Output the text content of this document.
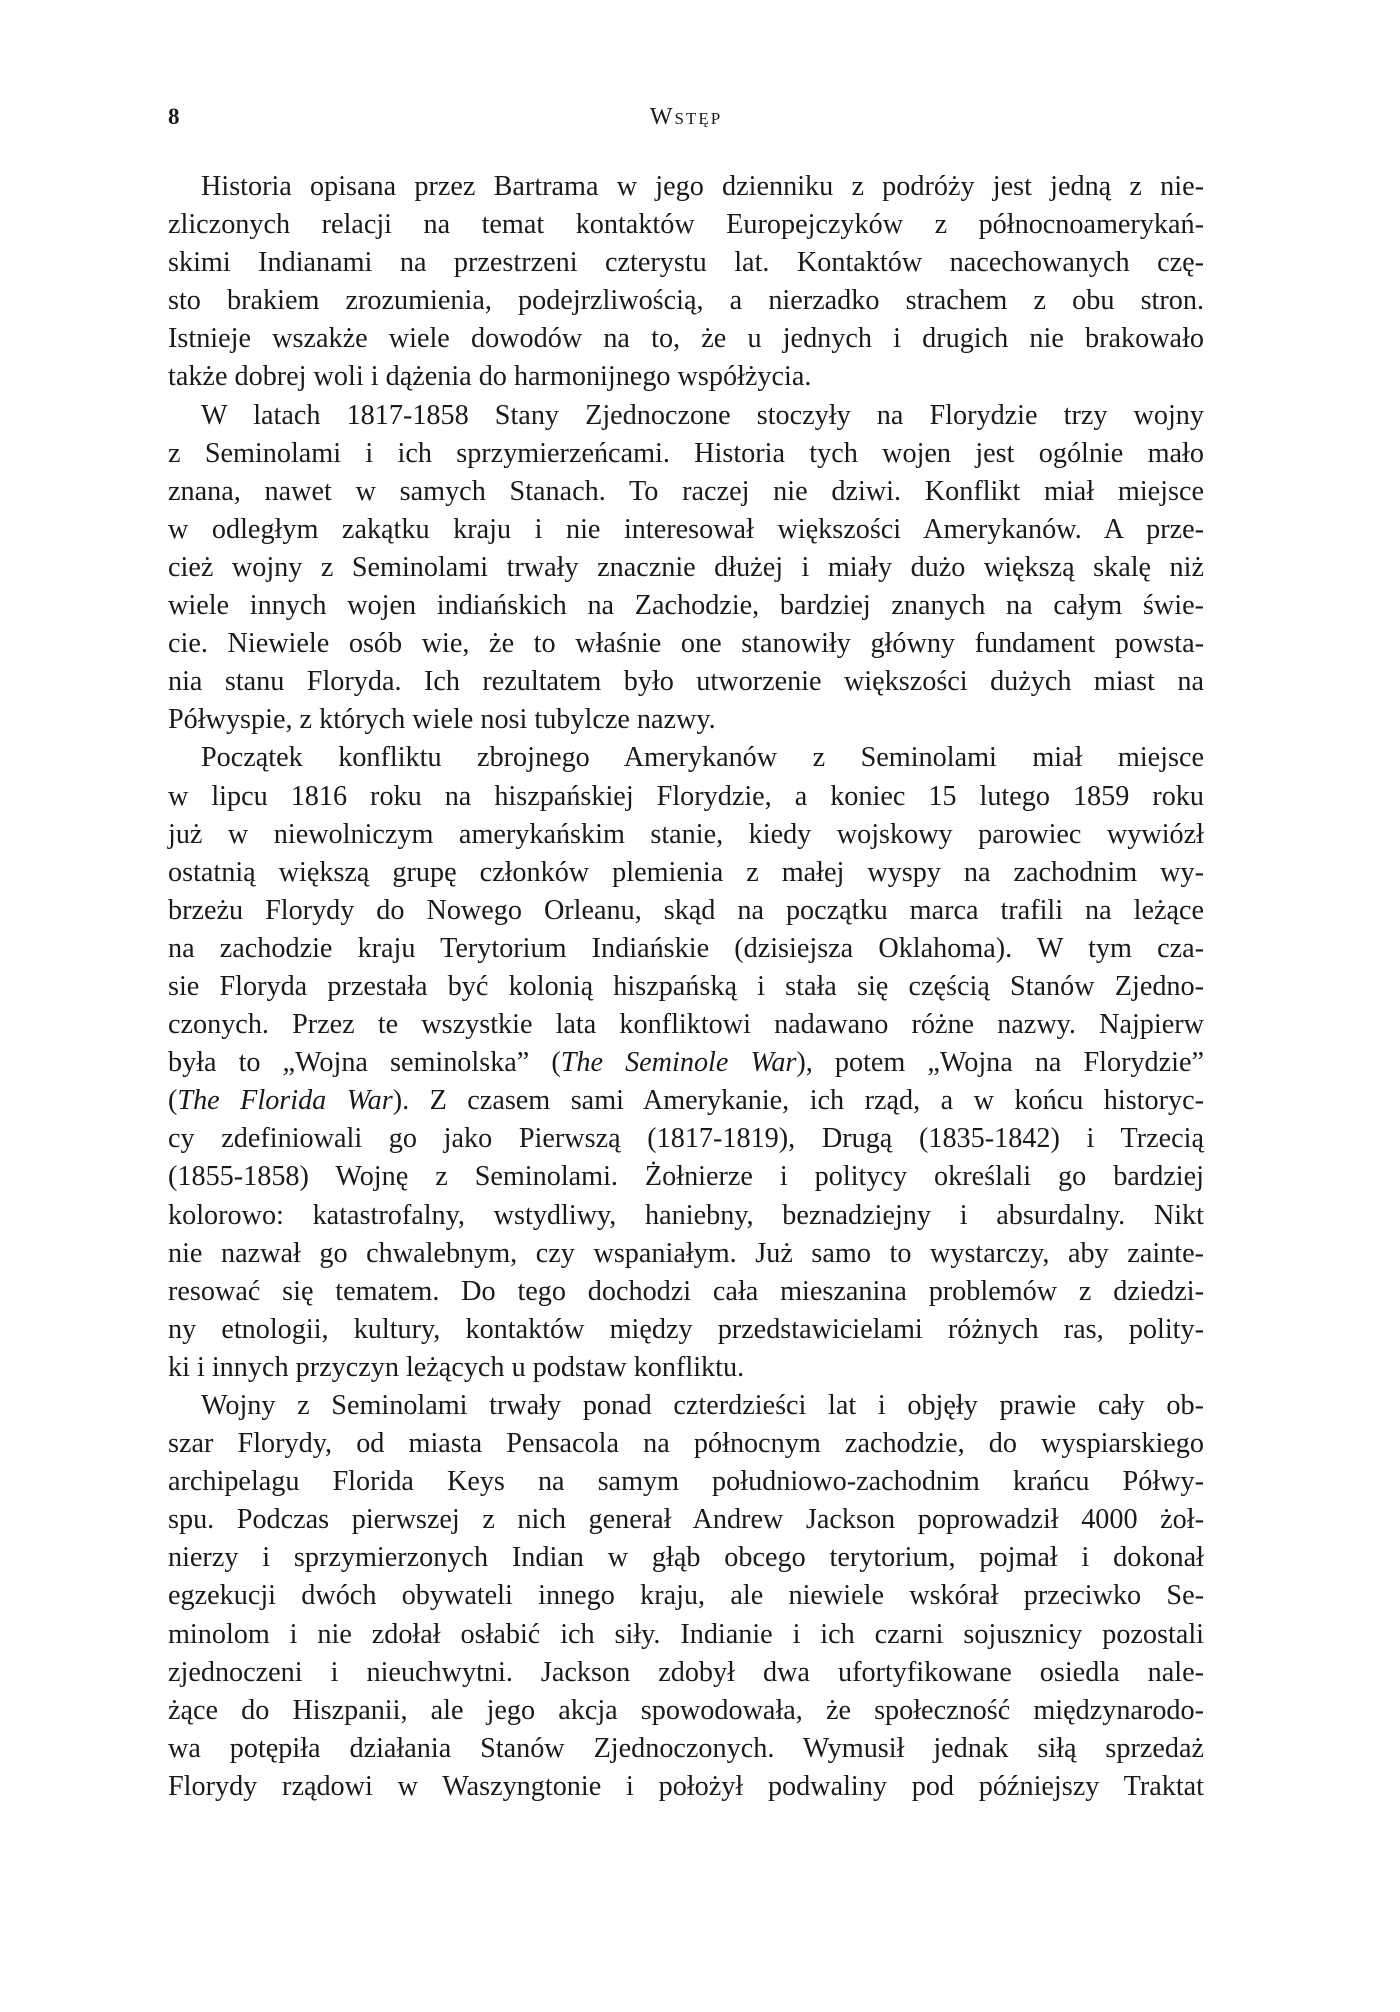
8	Wstęp
Historia opisana przez Bartrama w jego dzienniku z podróży jest jedną z nie-
zliczonych relacji na temat kontaktów Europejczyków z północnoamerykań-
skimi Indianami na przestrzeni czterystu lat. Kontaktów nacechowanych czę-
sto brakiem zrozumienia, podejrzliwością, a nierzadko strachem z obu stron.
Istnieje wszakże wiele dowodów na to, że u jednych i drugich nie brakowało
także dobrej woli i dążenia do harmonijnego współżycia.
W latach 1817-1858 Stany Zjednoczone stoczyły na Florydzie trzy wojny
z Seminolami i ich sprzymierzeńcami. Historia tych wojen jest ogólnie mało
znana, nawet w samych Stanach. To raczej nie dziwi. Konflikt miał miejsce
w odległym zakątku kraju i nie interesował większości Amerykanów. A prze-
cież wojny z Seminolami trwały znacznie dłużej i miały dużo większą skalę niż
wiele innych wojen indiańskich na Zachodzie, bardziej znanych na całym świe-
cie. Niewiele osób wie, że to właśnie one stanowiły główny fundament powsta-
nia stanu Floryda. Ich rezultatem było utworzenie większości dużych miast na
Półwyspie, z których wiele nosi tubylcze nazwy.
Początek konfliktu zbrojnego Amerykanów z Seminolami miał miejsce
w lipcu 1816 roku na hiszpańskiej Florydzie, a koniec 15 lutego 1859 roku
już w niewolniczym amerykańskim stanie, kiedy wojskowy parowiec wywiózł
ostatnią większą grupę członków plemienia z małej wyspy na zachodnim wy-
brzeżu Florydy do Nowego Orleanu, skąd na początku marca trafili na leżące
na zachodzie kraju Terytorium Indiańskie (dzisiejsza Oklahoma). W tym cza-
sie Floryda przestała być kolonią hiszpańską i stała się częścią Stanów Zjedno-
czonych. Przez te wszystkie lata konfliktowi nadawano różne nazwy. Najpierw
była to „Wojna seminolska” (The Seminole War), potem „Wojna na Florydzie”
(The Florida War). Z czasem sami Amerykanie, ich rząd, a w końcu historyc-
cy zdefiniowali go jako Pierwszą (1817-1819), Drugą (1835-1842) i Trzecią
(1855-1858) Wojnę z Seminolami. Żołnierze i politycy określali go bardziej
kolorowo: katastrofalny, wstydliwy, haniebny, beznadziejny i absurdalny. Nikt
nie nazwał go chwalebnym, czy wspaniałym. Już samo to wystarczy, aby zainte-
resować się tematem. Do tego dochodzi cała mieszanina problemów z dziedzi-
ny etnologii, kultury, kontaktów między przedstawicielami różnych ras, polity-
ki i innych przyczyn leżących u podstaw konfliktu.
Wojny z Seminolami trwały ponad czterdzieści lat i objęły prawie cały ob-
szar Florydy, od miasta Pensacola na północnym zachodzie, do wyspiarskiego
archipelagu Florida Keys na samym południowo-zachodnim krańcu Półwy-
spu. Podczas pierwszej z nich generał Andrew Jackson poprowadził 4000 żoł-
nierzy i sprzymierzonych Indian w głąb obcego terytorium, pojmał i dokonał
egzekucji dwóch obywateli innego kraju, ale niewiele wskórał przeciwko Se-
minolom i nie zdołał osłabić ich siły. Indianie i ich czarni sojusznicy pozostali
zjednoczeni i nieuchwytni. Jackson zdobył dwa ufortyfikowane osiedla nale-
żące do Hiszpanii, ale jego akcja spowodowała, że społeczność międzynarodo-
wa potępiła działania Stanów Zjednoczonych. Wymusił jednak siłą sprzedaż
Florydy rządowi w Waszyngtonie i położył podwaliny pod późniejszy Traktat
